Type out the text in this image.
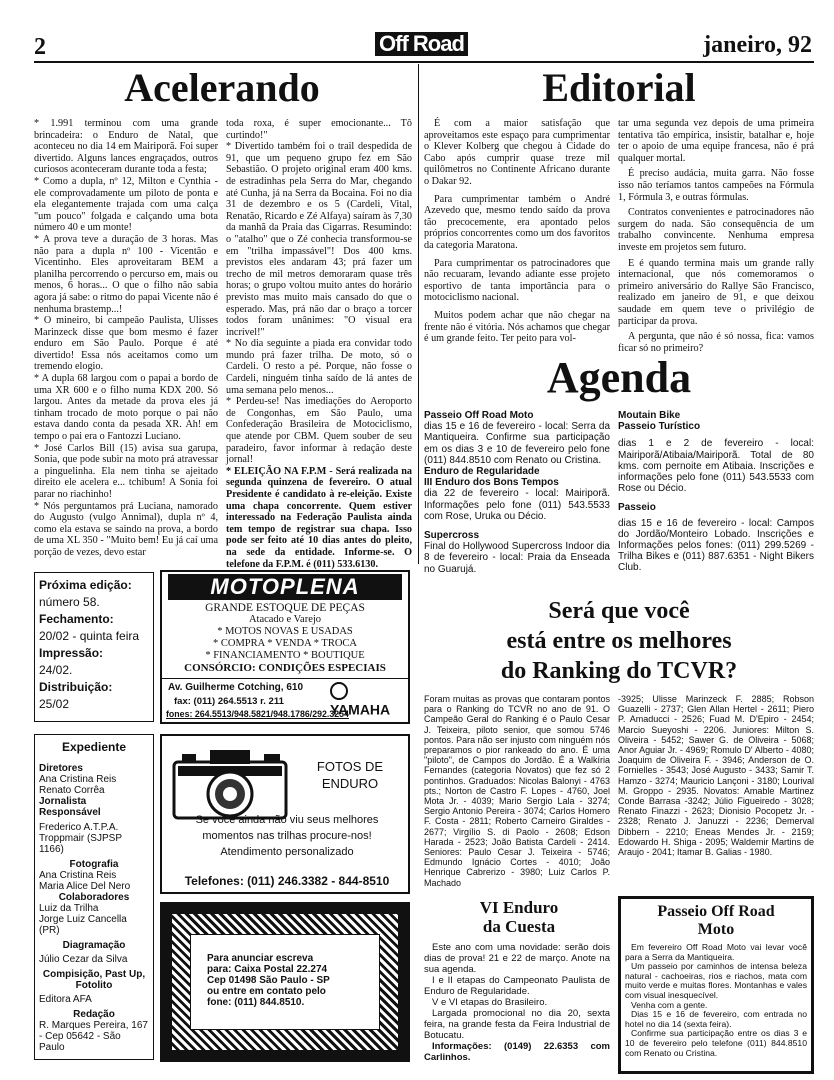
2	Off Road	janeiro, 92
Acelerando

* 1.991 terminou com uma grande brincadeira: o Enduro de Natal, que aconteceu no dia 14 em Mairiporã. Foi super divertido. Alguns lances engraçados, outros curiosos aconteceram durante toda a festa;

* Como a dupla, nº 12, Milton e Cynthia - ele comprovadamente um piloto de ponta e ela elegantemente trajada com uma calça "um pouco" folgada e calçando uma bota número 40 e um monte!

* A prova teve a duração de 3 horas. Mas não para a dupla nº 100 - Vicentão e Vicentinho. Eles aproveitaram BEM a planilha percorrendo o percurso em, mais ou menos, 6 horas... O que o filho não sabia agora já sabe: o ritmo do papai Vicente não é nenhuma brastemp...!

* O mineiro, bi campeão Paulista, Ulisses Marinzeck disse que bom mesmo é fazer enduro em São Paulo. Porque é até divertido! Essa nós aceitamos como um tremendo elogio.

* A dupla 68 largou com o papai a bordo de uma XR 600 e o filho numa KDX 200. Só largou. Antes da metade da prova eles já tinham trocado de moto porque o pai não estava dando conta da pesada XR. Ah! em tempo o pai era o Fantozzi Luciano.

* José Carlos Bill (15) avisa sua garupa, Sonia, que pode subir na moto prá atravessar a pinguelinha. Ela nem tinha se ajeitado direito ele acelera e... tchibum! A Sonia foi parar no riachinho!

* Nós perguntamos prá Luciana, namorado do Augusto (vulgo Annimal), dupla nº 4, como ela estava se saindo na prova, a bordo de uma XL 350 - "Muito bem! Eu já caí uma porção de vezes, devo estar

toda roxa, é super emocionante... Tô curtindo!"

* Divertido também foi o trail despedida de 91, que um pequeno grupo fez em São Sebastião. O projeto original eram 400 kms. de estradinhas pela Serra do Mar, chegando até Cunha, já na Serra da Bocaina. Foi no dia 31 de dezembro e os 5 (Cardeli, Vital, Renatão, Ricardo e Zé Alfaya) saíram às 7,30 da manhã da Praia das Cigarras. Resumindo: o "atalho" que o Zé conhecia transformou-se em "trilha impassável"! Dos 400 kms. previstos eles andaram 43; prá fazer um trecho de mil metros demoraram quase três horas; o grupo voltou muito antes do horário previsto mas muito mais cansado do que o esperado. Mas, prá não dar o braço a torcer todos foram unânimes: "O visual era incrível!"

* No dia seguinte a piada era convidar todo mundo prá fazer trilha. De moto, só o Cardeli. O resto a pé. Porque, não fosse o Cardeli, ninguém tinha saído de lá antes de uma semana pelo menos...

* Perdeu-se! Nas imediações do Aeroporto de Congonhas, em São Paulo, uma Confederação Brasileira de Motociclismo, que atende por CBM. Quem souber de seu paradeiro, favor informar à redação deste jornal!

* ELEIÇÃO NA F.P.M - Será realizada na segunda quinzena de fevereiro. O atual Presidente é candidato à re-eleição. Existe uma chapa concorrente. Quem estiver interessado na Federação Paulista ainda tem tempo de registrar sua chapa. Isso pode ser feito até 10 dias antes do pleito, na sede da entidade. Informe-se. O telefone da F.P.M. é (011) 533.6130.

Editorial

É com a maior satisfação que aproveitamos este espaço para cumprimentar o Klever Kolberg que chegou à Cidade do Cabo após cumprir quase treze mil quilômetros no Continente Africano durante o Dakar 92.

Para cumprimentar também o André Azevedo que, mesmo tendo saído da prova tão precocemente, era apontado pelos próprios concorrentes como um dos favoritos da categoria Maratona.

Para cumprimentar os patrocinadores que não recuaram, levando adiante esse projeto esportivo de tanta importância para o motociclismo nacional.

Muitos podem achar que não chegar na frente não é vitória. Nós achamos que chegar é um grande feito. Ter peito para vol-

tar uma segunda vez depois de uma primeira tentativa tão empírica, insistir, batalhar e, hoje ter o apoio de uma equipe francesa, não é prá qualquer mortal.

É preciso audácia, muita garra. Não fosse isso não teríamos tantos campeões na Fórmula 1, Fórmula 3, e outras fórmulas.

Contratos convenientes e patrocinadores não surgem do nada. São consequência de um trabalho convincente. Nenhuma empresa investe em projetos sem futuro.

E é quando termina mais um grande rally internacional, que nós comemoramos o primeiro aniversário do Rallye São Francisco, realizado em janeiro de 91, e que deixou saudade em quem teve o privilégio de participar da prova.

A pergunta, que não é só nossa, fica: vamos ficar só no primeiro?

Agenda

Passeio Off Road Moto

dias 15 e 16 de fevereiro - local: Serra da Mantiqueira. Confirme sua participação em os dias 3 e 10 de fevereiro pelo fone (011) 844.8510 com Renato ou Cristina.

Enduro de Regularidade

III Enduro dos Bons Tempos

dia 22 de fevereiro - local: Mairiporã. Informações pelo fone (011) 543.5533 com Rose, Uruka ou Décio.

Supercross

Final do Hollywood Supercross Indoor dia 8 de fevereiro - local: Praia da Enseada no Guarujá.

Moutain Bike

Passeio Turístico

dias 1 e 2 de fevereiro - local: Mairiporã/Atibaia/Mairiporã. Total de 80 kms. com pernoite em Atibaia. Inscrições e informações pelo fone (011) 543.5533 com Rose ou Décio.

Passeio

dias 15 e 16 de fevereiro - local: Campos do Jordão/Monteiro Lobado. Inscrições e Informações pelos fones: (011) 299.5269 - Trilha Bikes e (011) 887.6351 - Night Bikers Club.

Será que você
está entre os melhores
do Ranking do TCVR?
Foram muitas as provas que contaram pontos para o Ranking do TCVR no ano de 91. O Campeão Geral do Ranking é o Paulo Cesar J. Teixeira, piloto senior, que somou 5746 pontos. Para não ser injusto com ninguém nós preparamos o pior rankeado do ano. É uma "piloto", de Campos do Jordão. É a Walkíria Fernandes (categoria Novatos) que fez só 2 pontinhos. Graduados: Nicolas Balonyi - 4763 pts.; Norton de Castro F. Lopes - 4760, Joel Mota Jr. - 4039; Mario Sergio Lala - 3274; Sergio Antonio Pereira - 3074; Carlos Homero F. Costa - 2811; Roberto Carneiro Giraldes - 2677; Virgílio S. di Paolo - 2608; Edson Harada - 2523; João Batista Cardeli - 2414. Seniores: Paulo Cesar J. Teixeira - 5746; Edmundo Ignácio Cortes - 4010; João Henrique Cabrerizo - 3980; Luiz Carlos P. Machado
-3925; Ulisse Marinzeck F. 2885; Robson Guazelli - 2737; Glen Allan Hertel - 2611; Piero P. Amaducci - 2526; Fuad M. D'Epiro - 2454; Marcio Sueyoshi - 2206. Juniores: Milton S. Oliveira - 5452; Sawer G. de Oliveira - 5068; Anor Aguiar Jr. - 4969; Romulo D' Alberto - 4080; Joaquim de Oliveira F. - 3946; Anderson de O. Fornielles - 3543; José Augusto - 3433; Samir T. Hamzo - 3274; Mauricio Lançoni - 3180; Lourival M. Groppo - 2935. Novatos: Amable Martinez Conde Barrasa -3242; Júlio Figueiredo - 3028; Renato Finazzi - 2623; Dionisio Pocopetz Jr. - 2328; Renato J. Januzzi - 2236; Demerval Dibbern - 2210; Eneas Mendes Jr. - 2159; Edowardo H. Shiga - 2095; Waldemir Martins de Araujo - 2041; Itamar B. Galias - 1980.
VI Enduro
da Cuesta

Este ano com uma novidade: serão dois dias de prova! 21 e 22 de março. Anote na sua agenda.

I e II etapas do Campeonato Paulista de Enduro de Regularidade.

V e VI etapas do Brasileiro.

Largada promocional no dia 20, sexta feira, na grande festa da Feira Industrial de Botucatu.

Informações: (0149) 22.6353 com Carlinhos.

Passeio Off Road
Moto

Em fevereiro Off Road Moto vai levar você para a Serra da Mantiqueira.

Um passeio por caminhos de intensa beleza natural - cachoeiras, rios e riachos, mata com muito verde e muitas flores. Montanhas e vales com visual inesquecível.

Venha com a gente.

Dias 15 e 16 de fevereiro, com entrada no hotel no dia 14 (sexta feira).

Confirme sua participação entre os dias 3 e 10 de fevereiro pelo telefone (011) 844.8510 com Renato ou Cristina.

Próxima edição:
número 58.
Fechamento:
20/02 - quinta feira
Impressão:
24/02.
Distribuição:
25/02
MOTOPLENA
GRANDE ESTOQUE DE PEÇAS
Atacado e Varejo
* MOTOS NOVAS E USADAS
* COMPRA * VENDA * TROCA
* FINANCIAMENTO * BOUTIQUE
CONSÓRCIO: CONDIÇÕES ESPECIAIS
Av. Guilherme Cotching, 610
fax: (011) 264.5513 r. 211
fones: 264.5513/948.5821/948.1786/292.3254
YAMAHA
Expediente
Diretores
Ana Cristina Reis
Renato Corrêa
Jornalista Responsável
Frederico A.T.P.A. Troppmair (SJPSP 1166)
Fotografia
Ana Cristina Reis
Maria Alice Del Nero
Colaboradores
Luiz da Trilha
Jorge Luiz Cancella (PR)
Diagramação
Júlio Cezar da Silva
Compisição, Past Up, Fotolito
Editora AFA
Redação
R. Marques Pereira, 167 - Cep 05642 - São Paulo
FOTOS DE
ENDURO
Se você ainda não viu seus melhores
momentos nas trilhas procure-nos!
Atendimento personalizado
Telefones: (011) 246.3382 - 844-8510
Para anunciar escreva
para: Caixa Postal 22.274
Cep 01498 São Paulo - SP
ou entre em contato pelo
fone: (011) 844.8510.
